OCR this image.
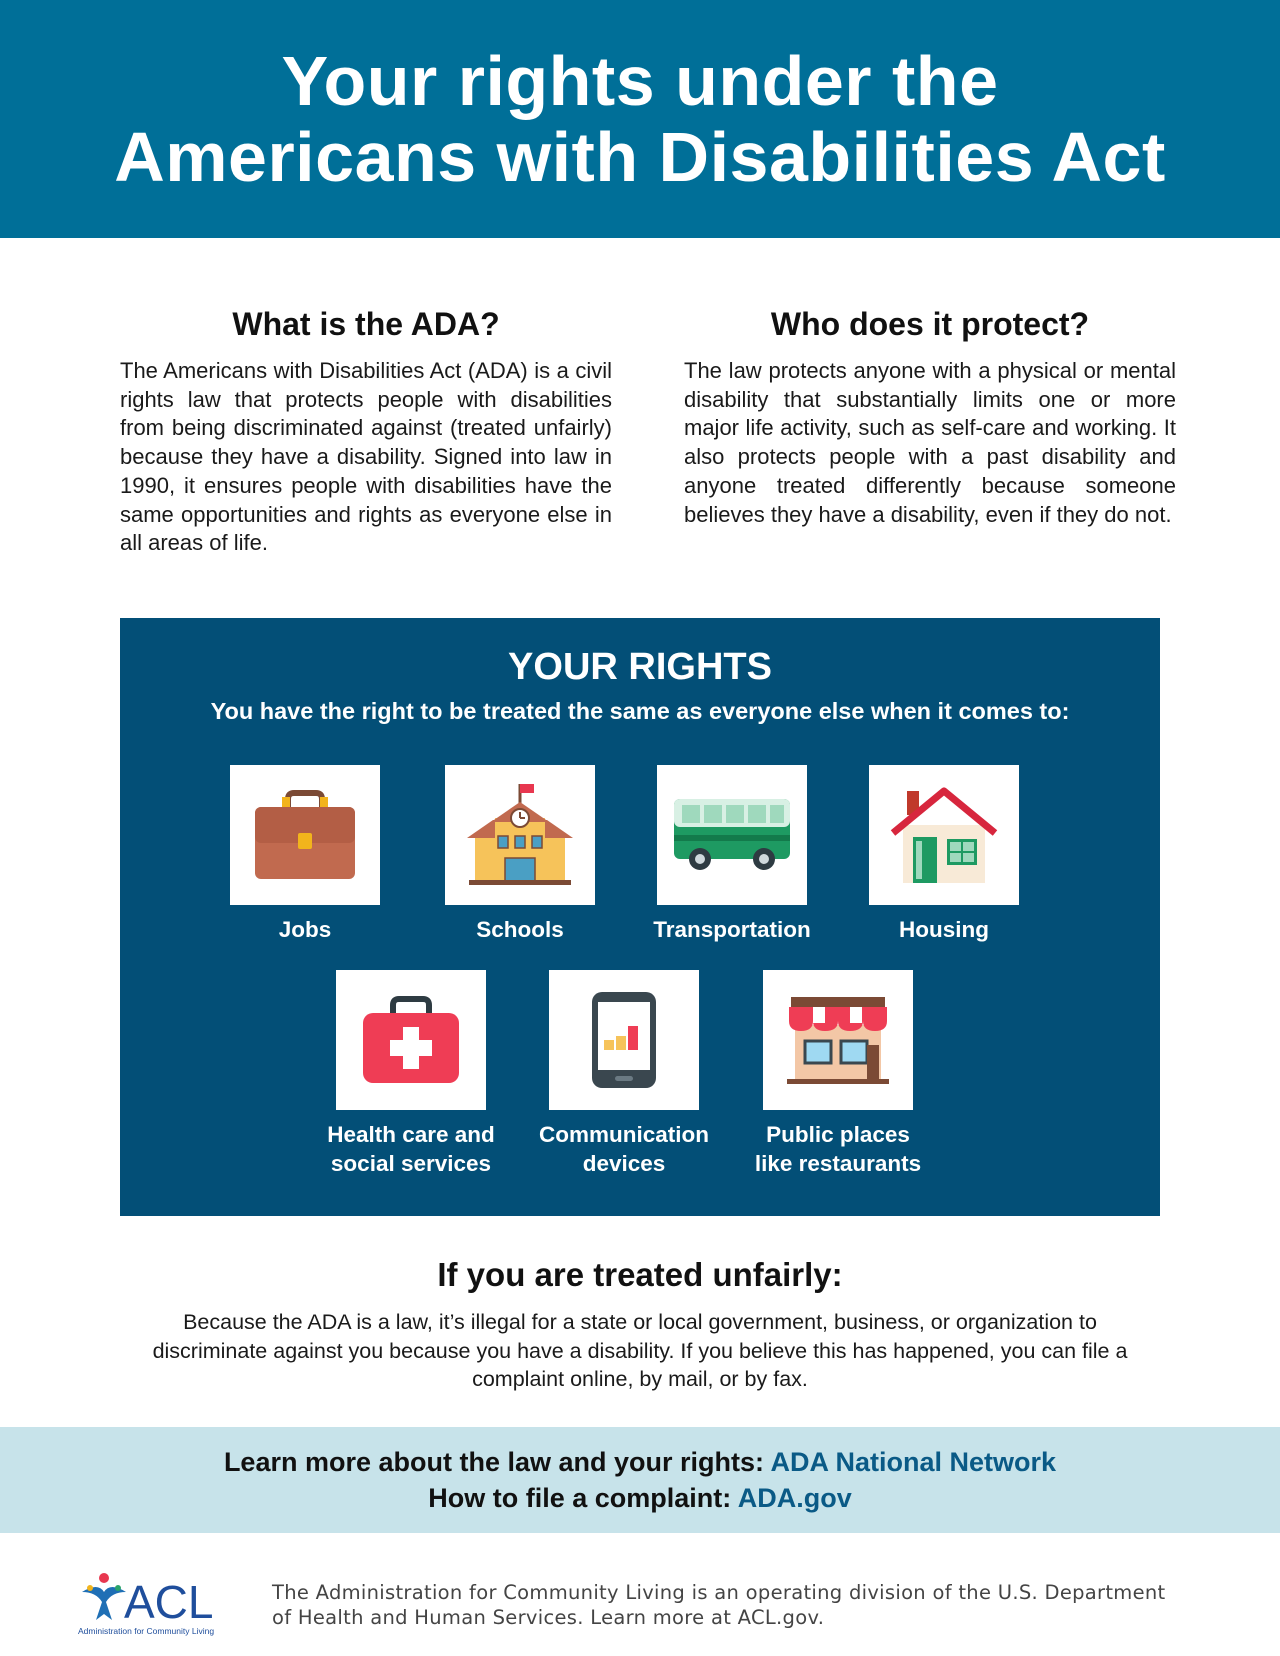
Your rights under the
Americans with Disabilities Act
What is the ADA?

The Americans with Disabilities Act (ADA) is a civil rights law that protects people with disabilities from being discriminated against (treated unfairly) because they have a disability. Signed into law in 1990, it ensures people with disabilities have the same opportunities and rights as everyone else in all areas of life.

Who does it protect?

The law protects anyone with a physical or mental disability that substantially limits one or more major life activity, such as self-care and working. It also protects people with a past disability and anyone treated differently because someone believes they have a disability, even if they do not.

YOUR RIGHTS
You have the right to be treated the same as everyone else when it comes to:
Jobs	Schools	Transportation	Housing
Health care and
social services
Communication
devices
Public places
like restaurants
If you are treated unfairly:

Because the ADA is a law, it’s illegal for a state or local government, business, or organization to discriminate against you because you have a disability. If you believe this has happened, you can file a complaint online, by mail, or by fax.

Learn more about the law and your rights: ADA National Network
How to file a complaint: ADA.gov
ACL
Administration for Community Living
The Administration for Community Living is an operating division of the U.S. Department of Health and Human Services. Learn more at ACL.gov.
